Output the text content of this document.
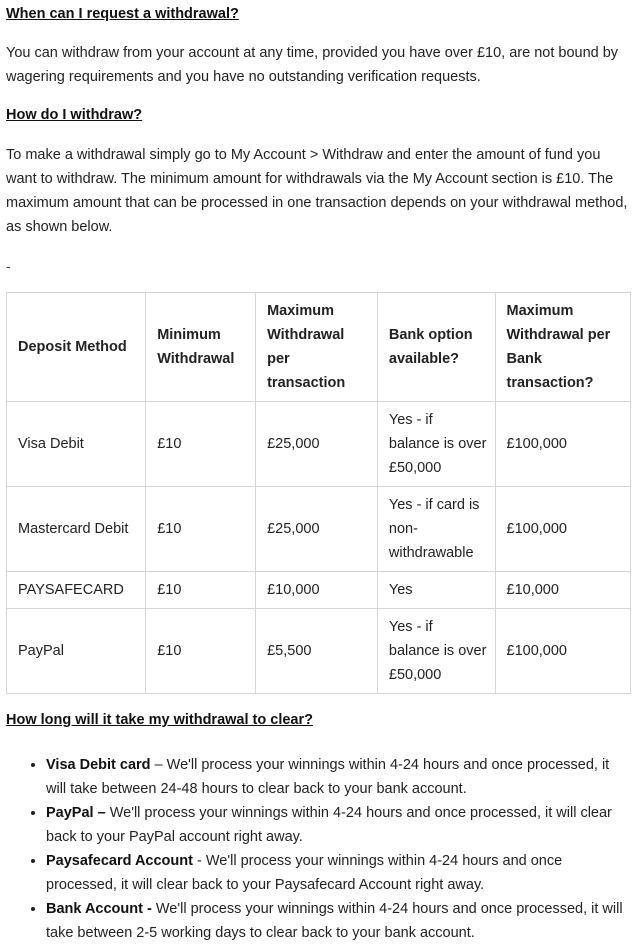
When can I request a withdrawal?
You can withdraw from your account at any time, provided you have over £10, are not bound by wagering requirements and you have no outstanding verification requests.
How do I withdraw?
To make a withdrawal simply go to My Account > Withdraw and enter the amount of fund you want to withdraw. The minimum amount for withdrawals via the My Account section is £10. The maximum amount that can be processed in one transaction depends on your withdrawal method, as shown below.
-
Deposit Method	Minimum Withdrawal	Maximum Withdrawal per transaction	Bank option available?	Maximum Withdrawal per Bank transaction?
Visa Debit	£10	£25,000	Yes - if balance is over £50,000	£100,000
Mastercard Debit	£10	£25,000	Yes - if card is non-withdrawable	£100,000
PAYSAFECARD	£10	£10,000	Yes	£10,000
PayPal	£10	£5,500	Yes - if balance is over £50,000	£100,000
How long will it take my withdrawal to clear?
• Visa Debit card – We'll process your winnings within 4-24 hours and once processed, it will take between 24-48 hours to clear back to your bank account.
• PayPal – We'll process your winnings within 4-24 hours and once processed, it will clear back to your PayPal account right away.
• Paysafecard Account - We'll process your winnings within 4-24 hours and once processed, it will clear back to your Paysafecard Account right away.
• Bank Account - We'll process your winnings within 4-24 hours and once processed, it will take between 2-5 working days to clear back to your bank account.
